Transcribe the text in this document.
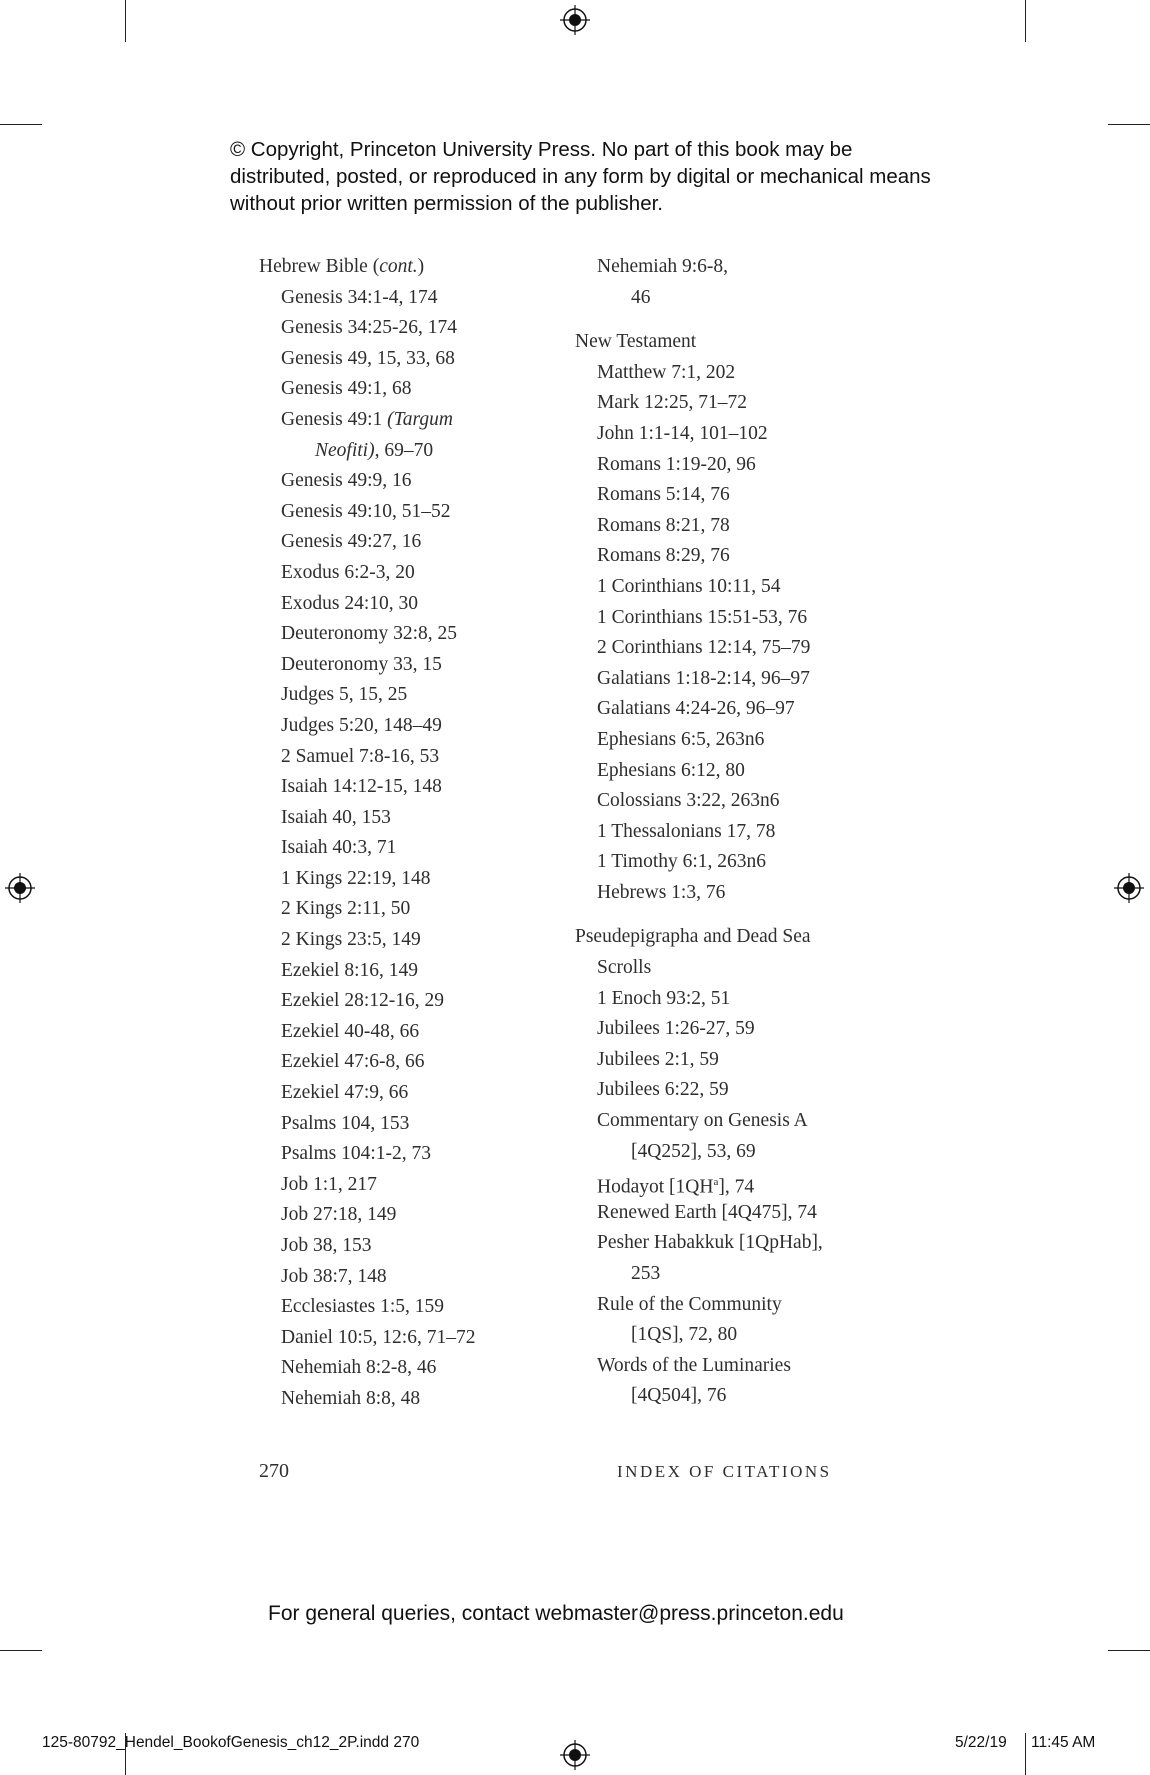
© Copyright, Princeton University Press. No part of this book may be distributed, posted, or reproduced in any form by digital or mechanical means without prior written permission of the publisher.
Hebrew Bible (cont.)
Genesis 34:1-4, 174
Genesis 34:25-26, 174
Genesis 49, 15, 33, 68
Genesis 49:1, 68
Genesis 49:1 (Targum
Neofiti), 69–70
Genesis 49:9, 16
Genesis 49:10, 51–52
Genesis 49:27, 16
Exodus 6:2-3, 20
Exodus 24:10, 30
Deuteronomy 32:8, 25
Deuteronomy 33, 15
Judges 5, 15, 25
Judges 5:20, 148–49
2 Samuel 7:8-16, 53
Isaiah 14:12-15, 148
Isaiah 40, 153
Isaiah 40:3, 71
1 Kings 22:19, 148
2 Kings 2:11, 50
2 Kings 23:5, 149
Ezekiel 8:16, 149
Ezekiel 28:12-16, 29
Ezekiel 40-48, 66
Ezekiel 47:6-8, 66
Ezekiel 47:9, 66
Psalms 104, 153
Psalms 104:1-2, 73
Job 1:1, 217
Job 27:18, 149
Job 38, 153
Job 38:7, 148
Ecclesiastes 1:5, 159
Daniel 10:5, 12:6, 71–72
Nehemiah 8:2-8, 46
Nehemiah 8:8, 48
Nehemiah 9:6-8,
46
New Testament
Matthew 7:1, 202
Mark 12:25, 71–72
John 1:1-14, 101–102
Romans 1:19-20, 96
Romans 5:14, 76
Romans 8:21, 78
Romans 8:29, 76
1 Corinthians 10:11, 54
1 Corinthians 15:51-53, 76
2 Corinthians 12:14, 75–79
Galatians 1:18-2:14, 96–97
Galatians 4:24-26, 96–97
Ephesians 6:5, 263n6
Ephesians 6:12, 80
Colossians 3:22, 263n6
1 Thessalonians 17, 78
1 Timothy 6:1, 263n6
Hebrews 1:3, 76
Pseudepigrapha and Dead Sea
Scrolls
1 Enoch 93:2, 51
Jubilees 1:26-27, 59
Jubilees 2:1, 59
Jubilees 6:22, 59
Commentary on Genesis A
[4Q252], 53, 69
Hodayot $[1QH^a]$, 74
Renewed Earth [4Q475], 74
Pesher Habakkuk [1QpHab],
253
Rule of the Community
[1QS], 72, 80
Words of the Luminaries
[4Q504], 76
270	INDEX OF CITATIONS
For general queries, contact webmaster@press.princeton.edu
125-80792_Hendel_BookofGenesis_ch12_2P.indd 270	5/22/19 11:45 AM
